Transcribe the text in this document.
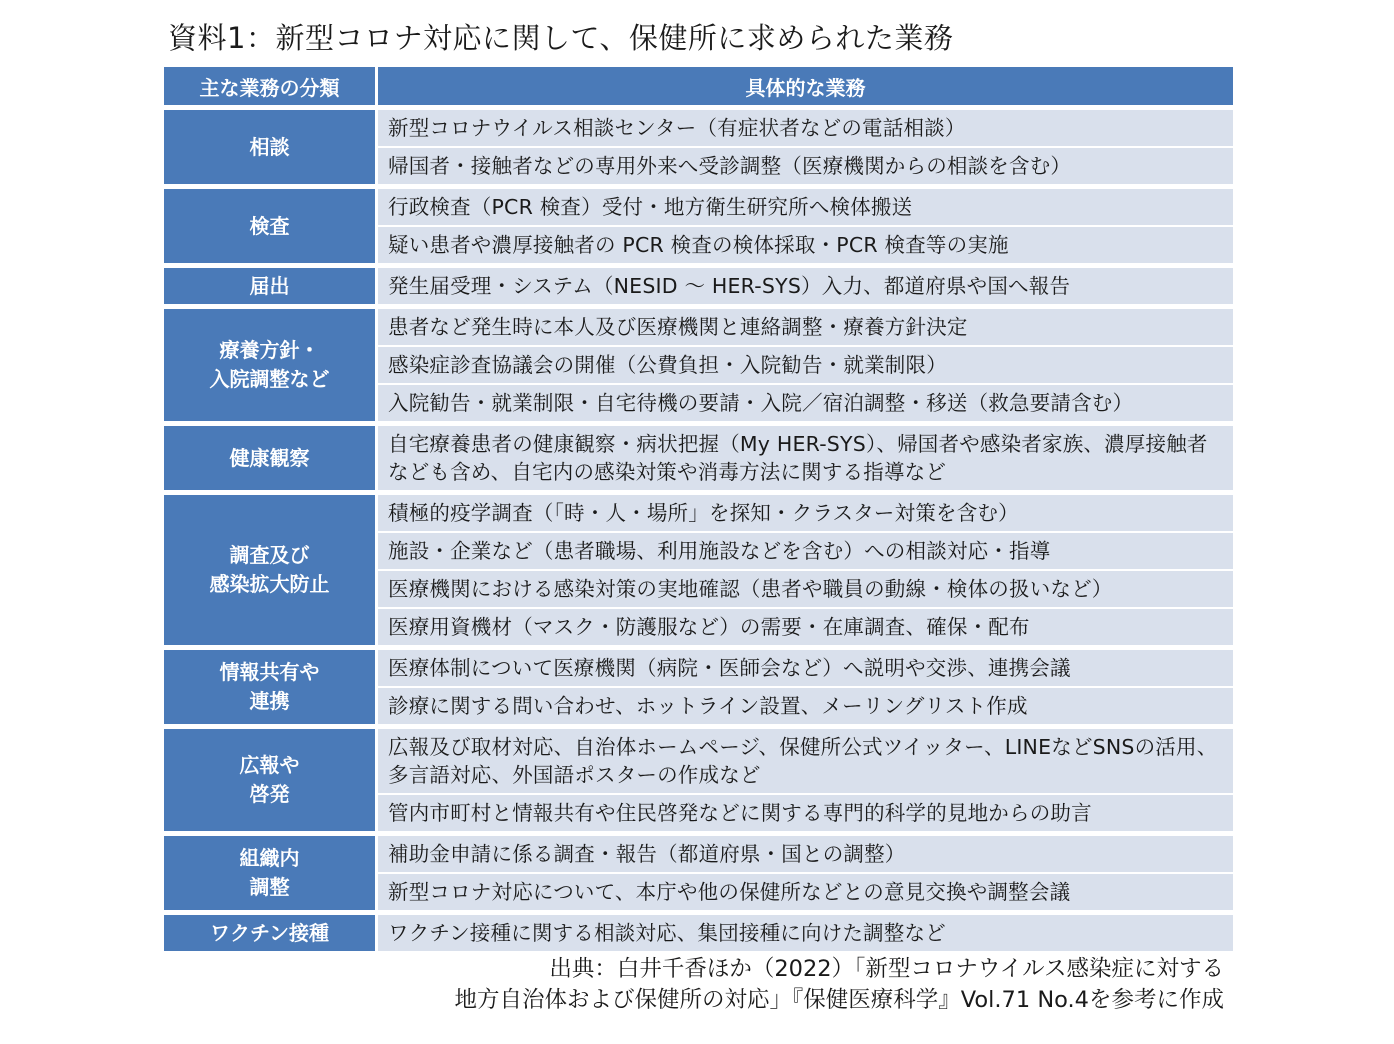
資料1：新型コロナ対応に関して、保健所に求められた業務
主な業務の分類	具体的な業務

相談	新型コロナウイルス相談センター（有症状者などの電話相談）
	帰国者・接触者などの専用外来へ受診調整（医療機関からの相談を含む）

検査	行政検査（PCR 検査）受付・地方衛生研究所へ検体搬送
	疑い患者や濃厚接触者の PCR 検査の検体採取・PCR 検査等の実施

届出	発生届受理・システム（NESID ～ HER-SYS）入力、都道府県や国へ報告

療養方針・
入院調整など	患者など発生時に本人及び医療機関と連絡調整・療養方針決定
	感染症診査協議会の開催（公費負担・入院勧告・就業制限）
	入院勧告・就業制限・自宅待機の要請・入院／宿泊調整・移送（救急要請含む）

健康観察	自宅療養患者の健康観察・病状把握（My HER-SYS）、帰国者や感染者家族、濃厚接触者なども含め、自宅内の感染対策や消毒方法に関する指導など

調査及び
感染拡大防止	積極的疫学調査（「時・人・場所」を探知・クラスター対策を含む）
	施設・企業など（患者職場、利用施設などを含む）への相談対応・指導
	医療機関における感染対策の実地確認（患者や職員の動線・検体の扱いなど）
	医療用資機材（マスク・防護服など）の需要・在庫調査、確保・配布

情報共有や
連携	医療体制について医療機関（病院・医師会など）へ説明や交渉、連携会議
	診療に関する問い合わせ、ホットライン設置、メーリングリスト作成

広報や
啓発	広報及び取材対応、自治体ホームページ、保健所公式ツイッター、LINEなどSNSの活用、多言語対応、外国語ポスターの作成など
	管内市町村と情報共有や住民啓発などに関する専門的科学的見地からの助言

組織内
調整	補助金申請に係る調査・報告（都道府県・国との調整）
	新型コロナ対応について、本庁や他の保健所などとの意見交換や調整会議

ワクチン接種	ワクチン接種に関する相談対応、集団接種に向けた調整など
出典：白井千香ほか（2022）「新型コロナウイルス感染症に対する
地方自治体および保健所の対応」『保健医療科学』Vol.71 No.4を参考に作成
